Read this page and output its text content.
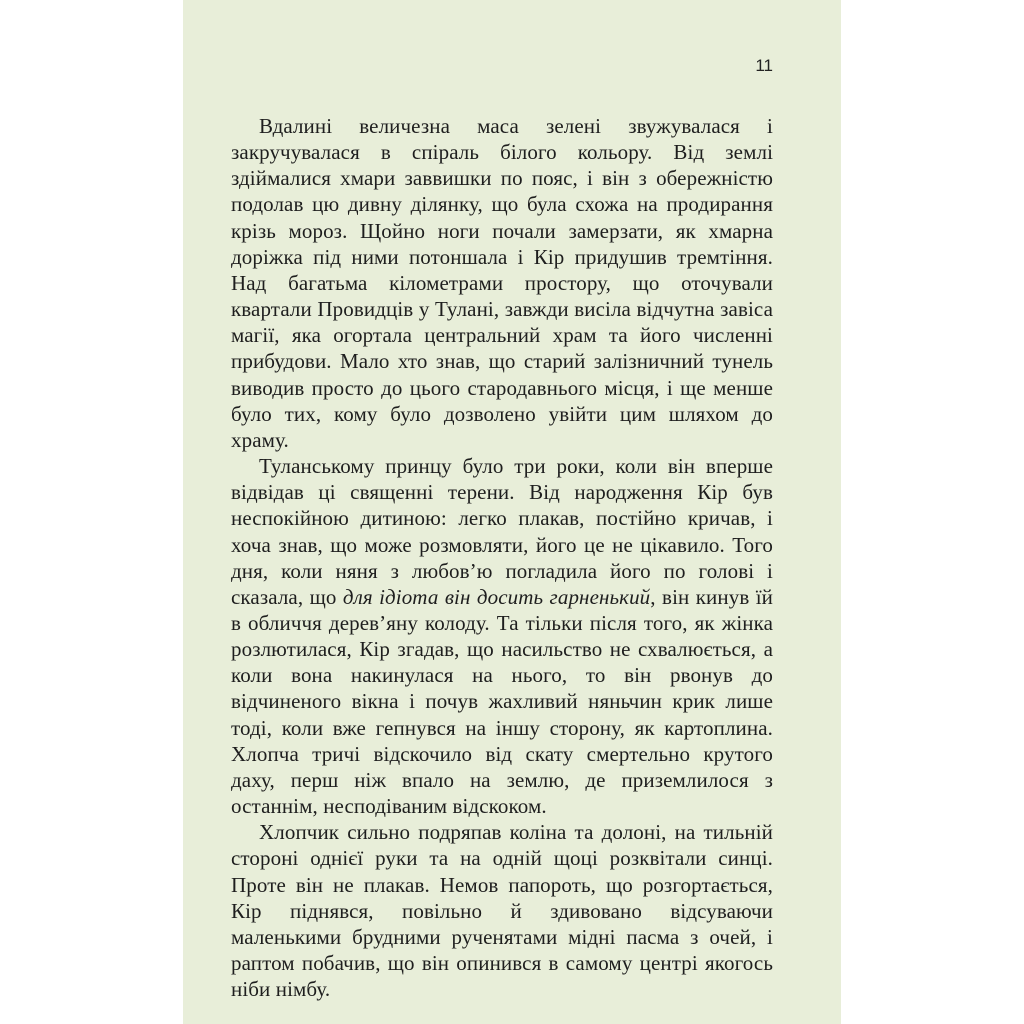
11

Вдалині величезна маса зелені звужувалася і закручувалася в спіраль білого кольору. Від землі здіймалися хмари заввишки по пояс, і він з обережністю подолав цю дивну ділянку, що була схожа на продирання крізь мороз. Щойно ноги почали замерзати, як хмарна доріжка під ними потоншала і Кір придушив тремтіння. Над багатьма кілометрами простору, що оточували квартали Провидців у Тулані, завжди висіла відчутна завіса магії, яка огортала центральний храм та його численні прибудови. Мало хто знав, що старий залізничний тунель виводив просто до цього стародавнього місця, і ще менше було тих, кому було дозволено увійти цим шляхом до храму.

Туланському принцу було три роки, коли він вперше відвідав ці священні терени. Від народження Кір був неспокійною дитиною: легко плакав, постійно кричав, і хоча знав, що може розмовляти, його це не цікавило. Того дня, коли няня з любов’ю погладила його по голові і сказала, що для ідіота він досить гарненький, він кинув їй в обличчя дерев’яну колоду. Та тільки після того, як жінка розлютилася, Кір згадав, що насильство не схвалюється, а коли вона накинулася на нього, то він рвонув до відчиненого вікна і почув жахливий няньчин крик лише тоді, коли вже гепнувся на іншу сторону, як картоплина. Хлопча тричі відскочило від скату смертельно крутого даху, перш ніж впало на землю, де приземлилося з останнім, несподіваним відскоком.

Хлопчик сильно подряпав коліна та долоні, на тильній стороні однієї руки та на одній щоці розквітали синці. Проте він не плакав. Немов папороть, що розгортається, Кір піднявся, повільно й здивовано відсуваючи маленькими брудними рученятами мідні пасма з очей, і раптом побачив, що він опинився в самому центрі якогось ніби німбу.
